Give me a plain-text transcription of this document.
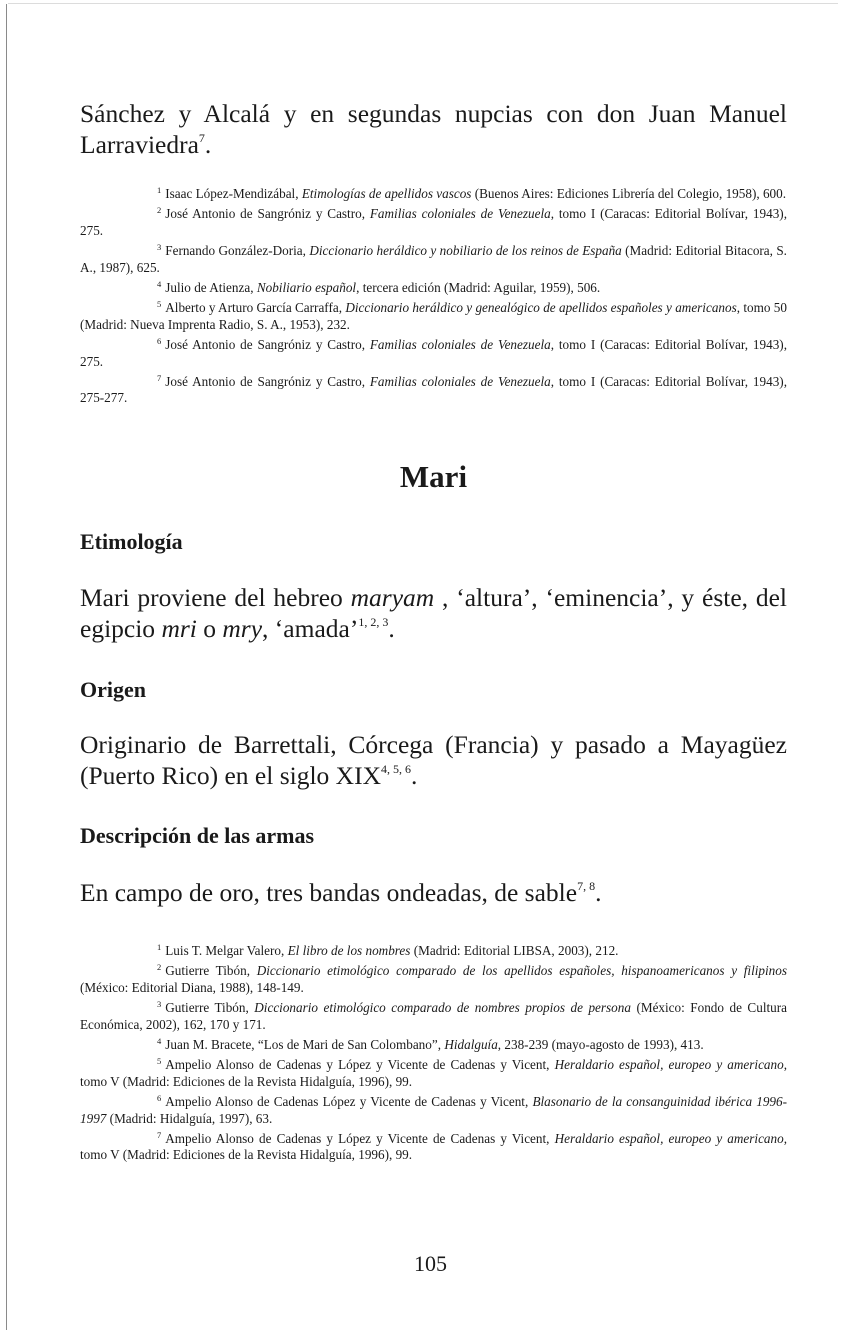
Sánchez y Alcalá y en segundas nupcias con don Juan Manuel Larraviedra$^7$.

$^1$ Isaac López-Mendizábal, Etimologías de apellidos vascos (Buenos Aires: Ediciones Librería del Colegio, 1958), 600.

$^2$ José Antonio de Sangróniz y Castro, Familias coloniales de Venezuela, tomo I (Caracas: Editorial Bolívar, 1943), 275.

$^3$ Fernando González-Doria, Diccionario heráldico y nobiliario de los reinos de España (Madrid: Editorial Bitacora, S. A., 1987), 625.

$^4$ Julio de Atienza, Nobiliario español, tercera edición (Madrid: Aguilar, 1959), 506.

$^5$ Alberto y Arturo García Carraffa, Diccionario heráldico y genealógico de apellidos españoles y americanos, tomo 50 (Madrid: Nueva Imprenta Radio, S. A., 1953), 232.

$^6$ José Antonio de Sangróniz y Castro, Familias coloniales de Venezuela, tomo I (Caracas: Editorial Bolívar, 1943), 275.

$^7$ José Antonio de Sangróniz y Castro, Familias coloniales de Venezuela, tomo I (Caracas: Editorial Bolívar, 1943), 275-277.

Mari
Etimología

Mari proviene del hebreo maryam , ‘altura’, ‘eminencia’, y éste, del egipcio mri o mry, ‘amada’$^{1, 2, 3}$.

Origen

Originario de Barrettali, Córcega (Francia) y pasado a Mayagüez (Puerto Rico) en el siglo XIX$^{4, 5, 6}$.

Descripción de las armas

En campo de oro, tres bandas ondeadas, de sable$^{7, 8}$.

$^1$ Luis T. Melgar Valero, El libro de los nombres (Madrid: Editorial LIBSA, 2003), 212.

$^2$ Gutierre Tibón, Diccionario etimológico comparado de los apellidos españoles, hispanoamericanos y filipinos (México: Editorial Diana, 1988), 148-149.

$^3$ Gutierre Tibón, Diccionario etimológico comparado de nombres propios de persona (México: Fondo de Cultura Económica, 2002), 162, 170 y 171.

$^4$ Juan M. Bracete, “Los de Mari de San Colombano”, Hidalguía, 238-239 (mayo-agosto de 1993), 413.

$^5$ Ampelio Alonso de Cadenas y López y Vicente de Cadenas y Vicent, Heraldario español, europeo y americano, tomo V (Madrid: Ediciones de la Revista Hidalguía, 1996), 99.

$^6$ Ampelio Alonso de Cadenas López y Vicente de Cadenas y Vicent, Blasonario de la consanguinidad ibérica 1996-1997 (Madrid: Hidalguía, 1997), 63.

$^7$ Ampelio Alonso de Cadenas y López y Vicente de Cadenas y Vicent, Heraldario español, europeo y americano, tomo V (Madrid: Ediciones de la Revista Hidalguía, 1996), 99.

105
